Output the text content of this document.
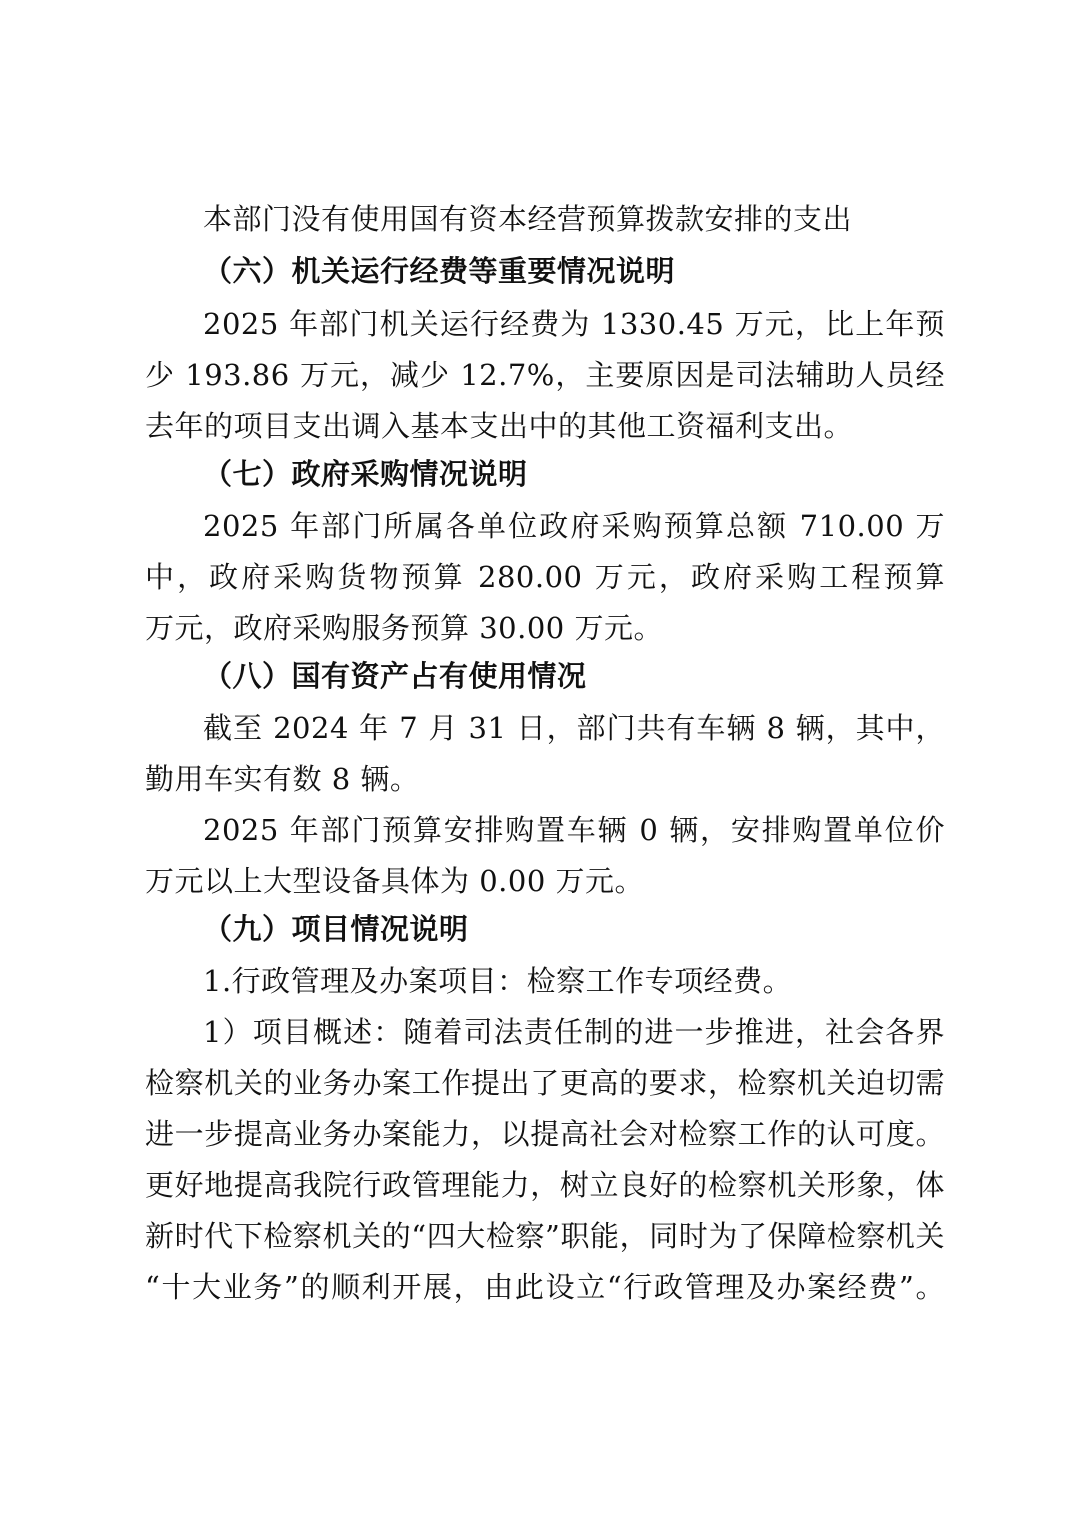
本部门没有使用国有资本经营预算拨款安排的支出
（六）机关运行经费等重要情况说明
2025 年部门机关运行经费为 1330.45 万元，比上年预
少 193.86 万元，减少 12.7%，主要原因是司法辅助人员经
去年的项目支出调入基本支出中的其他工资福利支出。
（七）政府采购情况说明
2025 年部门所属各单位政府采购预算总额 710.00 万
中，政府采购货物预算 280.00 万元，政府采购工程预算
万元，政府采购服务预算 30.00 万元。
（八）国有资产占有使用情况
截至 2024 年 7 月 31 日，部门共有车辆 8 辆，其中，
勤用车实有数 8 辆。
2025 年部门预算安排购置车辆 0 辆，安排购置单位价
万元以上大型设备具体为 0.00 万元。
（九）项目情况说明
1.行政管理及办案项目：检察工作专项经费。
1）项目概述：随着司法责任制的进一步推进，社会各界
检察机关的业务办案工作提出了更高的要求，检察机关迫切需
进一步提高业务办案能力，以提高社会对检察工作的认可度。
更好地提高我院行政管理能力，树立良好的检察机关形象，体
新时代下检察机关的“四大检察”职能，同时为了保障检察机关
“十大业务”的顺利开展，由此设立“行政管理及办案经费”。
